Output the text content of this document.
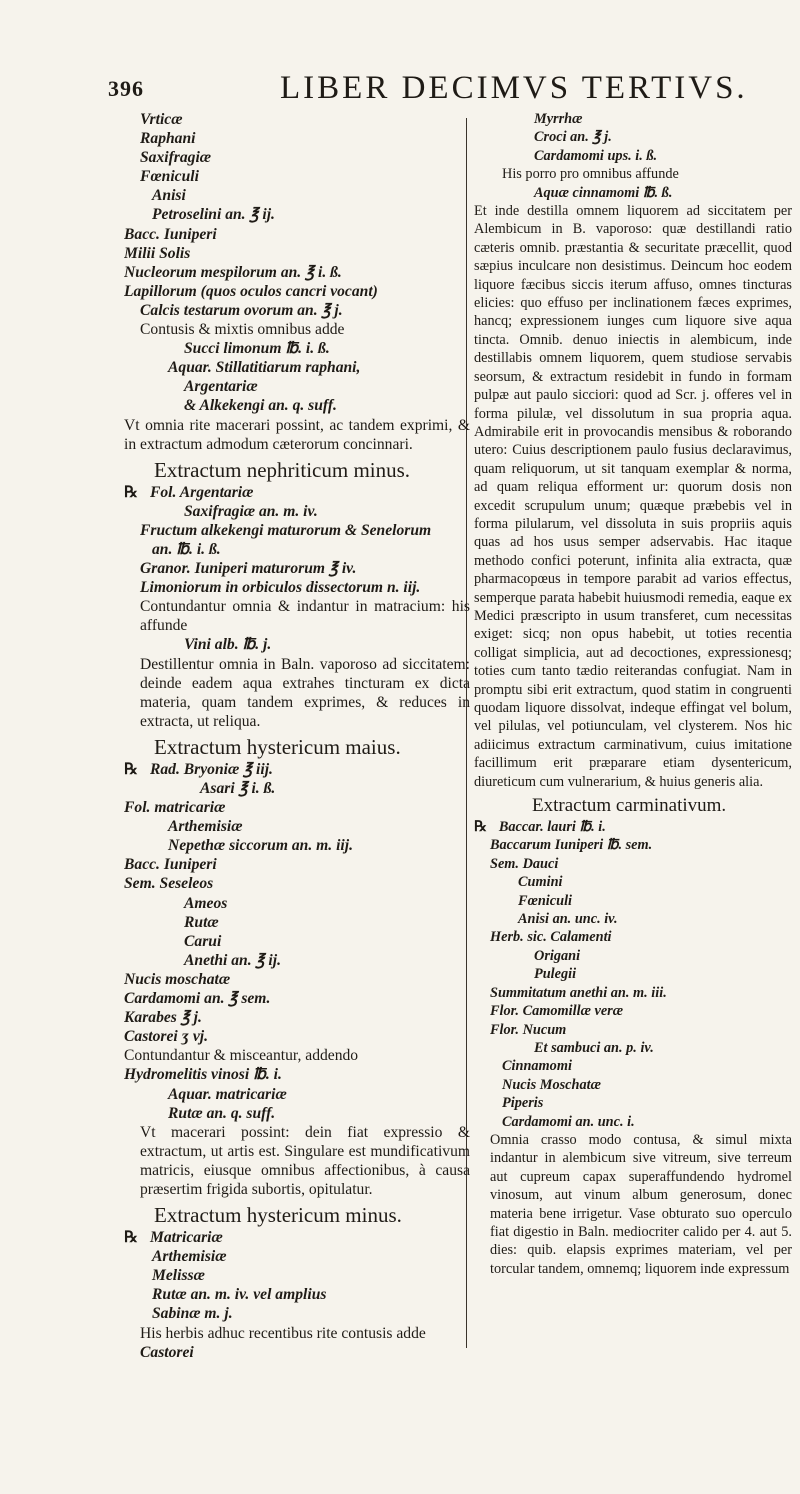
396	LIBER DECIMVS TERTIVS.
Vrticæ
Raphani
Saxifragiæ
Fœniculi
Anisi
Petroselini an. ℥ ij.
Bacc. Iuniperi
Milii Solis
Nucleorum mespilorum an. ℥ i. ß.
Lapillorum (quos oculos cancri vocant)
Calcis testarum ovorum an. ℥ j.
Contusis & mixtis omnibus adde
Succi limonum ℔. i. ß.
Aquar. Stillatitiarum raphani,
Argentariæ
& Alkekengi an. q. suff.
Vt omnia rite macerari possint, ac tandem exprimi, & in extractum admodum cæterorum concinnari.
Extractum nephriticum minus.
℞ Fol. Argentariæ
Saxifragiæ an. m. iv.
Fructum alkekengi maturorum & Senelorum
an. ℔. i. ß.
Granor. Iuniperi maturorum ℥ iv.
Limoniorum in orbiculos dissectorum n. iij.
Contundantur omnia & indantur in matracium: his affunde
Vini alb. ℔. j.
Destillentur omnia in Baln. vaporoso ad siccitatem: deinde eadem aqua extrahes tincturam ex dicta materia, quam tandem exprimes, & reduces in extracta, ut reliqua.
Extractum hystericum maius.
℞ Rad. Bryoniæ ℥ iij.
Asari ℥ i. ß.
Fol. matricariæ
Arthemisiæ
Nepethæ siccorum an. m. iij.
Bacc. Iuniperi
Sem. Seseleos
Ameos
Rutæ
Carui
Anethi an. ℥ ij.
Nucis moschatæ
Cardamomi an. ℥ sem.
Karabes ℥ j.
Castorei ʒ vj.
Contundantur & misceantur, addendo
Hydromelitis vinosi ℔. i.
Aquar. matricariæ
Rutæ an. q. suff.
Vt macerari possint: dein fiat expressio & extractum, ut artis est. Singulare est mundificativum matricis, eiusque omnibus affectionibus, à causa præsertim frigida subortis, opitulatur.
Extractum hystericum minus.
℞ Matricariæ
Arthemisiæ
Melissæ
Rutæ an. m. iv. vel amplius
Sabinæ m. j.
His herbis adhuc recentibus rite contusis adde
Castorei
Myrrhæ
Croci an. ℥ j.
Cardamomi ups. i. ß.
His porro pro omnibus affunde
Aquæ cinnamomi ℔. ß.
Et inde destilla omnem liquorem ad siccitatem per Alembicum in B. vaporoso: quæ destillandi ratio cæteris omnib. præstantia & securitate præcellit, quod sæpius inculcare non desistimus. Deincum hoc eodem liquore fæcibus siccis iterum affuso, omnes tincturas elicies: quo effuso per inclinationem fæces exprimes, hancq; expressionem iunges cum liquore sive aqua tincta. Omnib. denuo iniectis in alembicum, inde destillabis omnem liquorem, quem studiose servabis seorsum, & extractum residebit in fundo in formam pulpæ aut paulo sicciori: quod ad Scr. j. offeres vel in forma pilulæ, vel dissolutum in sua propria aqua. Admirabile erit in provocandis mensibus & roborando utero: Cuius descriptionem paulo fusius declaravimus, quam reliquorum, ut sit tanquam exemplar & norma, ad quam reliqua efforment ur: quorum dosis non excedit scrupulum unum; quæque præbebis vel in forma pilularum, vel dissoluta in suis propriis aquis quas ad hos usus semper adservabis. Hac itaque methodo confici poterunt, infinita alia extracta, quæ pharmacopœus in tempore parabit ad varios effectus, semperque parata habebit huiusmodi remedia, eaque ex Medici præscripto in usum transferet, cum necessitas exiget: sicq; non opus habebit, ut toties recentia colligat simplicia, aut ad decoctiones, expressionesq; toties cum tanto tædio reiterandas confugiat. Nam in promptu sibi erit extractum, quod statim in congruenti quodam liquore dissolvat, indeque effingat vel bolum, vel pilulas, vel potiunculam, vel clysterem. Nos hic adiicimus extractum carminativum, cuius imitatione facillimum erit præparare etiam dysentericum, diureticum cum vulnerarium, & huius generis alia.
Extractum carminativum.
℞ Baccar. lauri ℔. i.
Baccarum Iuniperi ℔. sem.
Sem. Dauci
Cumini
Fœniculi
Anisi an. unc. iv.
Herb. sic. Calamenti
Origani
Pulegii
Summitatum anethi an. m. iii.
Flor. Camomillæ veræ
Flor. Nucum
Et sambuci an. p. iv.
Cinnamomi
Nucis Moschatæ
Piperis
Cardamomi an. unc. i.
Omnia crasso modo contusa, & simul mixta indantur in alembicum sive vitreum, sive terreum aut cupreum capax superaffundendo hydromel vinosum, aut vinum album generosum, donec materia bene irrigetur. Vase obturato suo operculo fiat digestio in Baln. mediocriter calido per 4. aut 5. dies: quib. elapsis exprimes materiam, vel per torcular tandem, omnemq; liquorem inde expressum
